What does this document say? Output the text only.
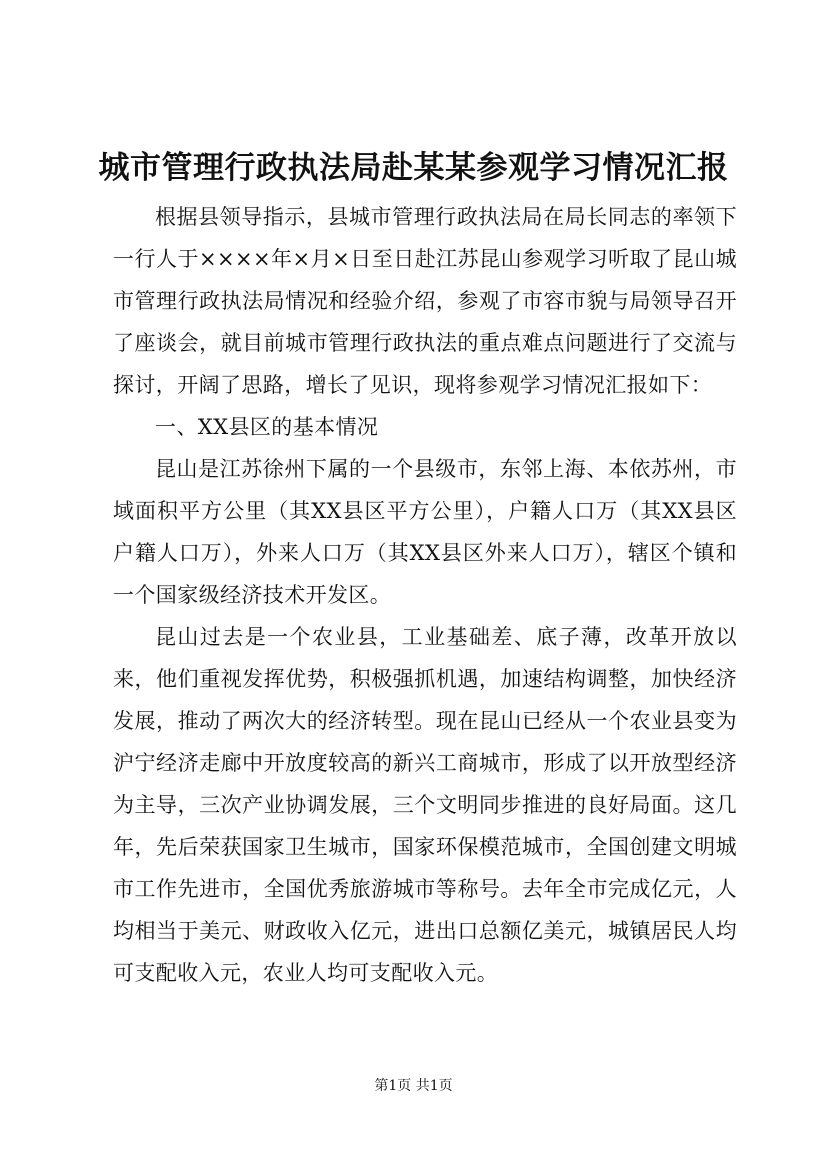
城市管理行政执法局赴某某参观学习情况汇报

根据县领导指示，县城市管理行政执法局在局长同志的率领下一行人于××××年×月×日至日赴江苏昆山参观学习听取了昆山城市管理行政执法局情况和经验介绍，参观了市容市貌与局领导召开了座谈会，就目前城市管理行政执法的重点难点问题进行了交流与探讨，开阔了思路，增长了见识，现将参观学习情况汇报如下：

一、XX县区的基本情况

昆山是江苏徐州下属的一个县级市，东邻上海、本依苏州，市域面积平方公里（其XX县区平方公里），户籍人口万（其XX县区户籍人口万），外来人口万（其XX县区外来人口万），辖区个镇和一个国家级经济技术开发区。

昆山过去是一个农业县，工业基础差、底子薄，改革开放以来，他们重视发挥优势，积极强抓机遇，加速结构调整，加快经济发展，推动了两次大的经济转型。现在昆山已经从一个农业县变为沪宁经济走廊中开放度较高的新兴工商城市，形成了以开放型经济为主导，三次产业协调发展，三个文明同步推进的良好局面。这几年，先后荣获国家卫生城市，国家环保模范城市，全国创建文明城市工作先进市，全国优秀旅游城市等称号。去年全市完成亿元，人均相当于美元、财政收入亿元，进出口总额亿美元，城镇居民人均可支配收入元，农业人均可支配收入元。

第1页 共1页
